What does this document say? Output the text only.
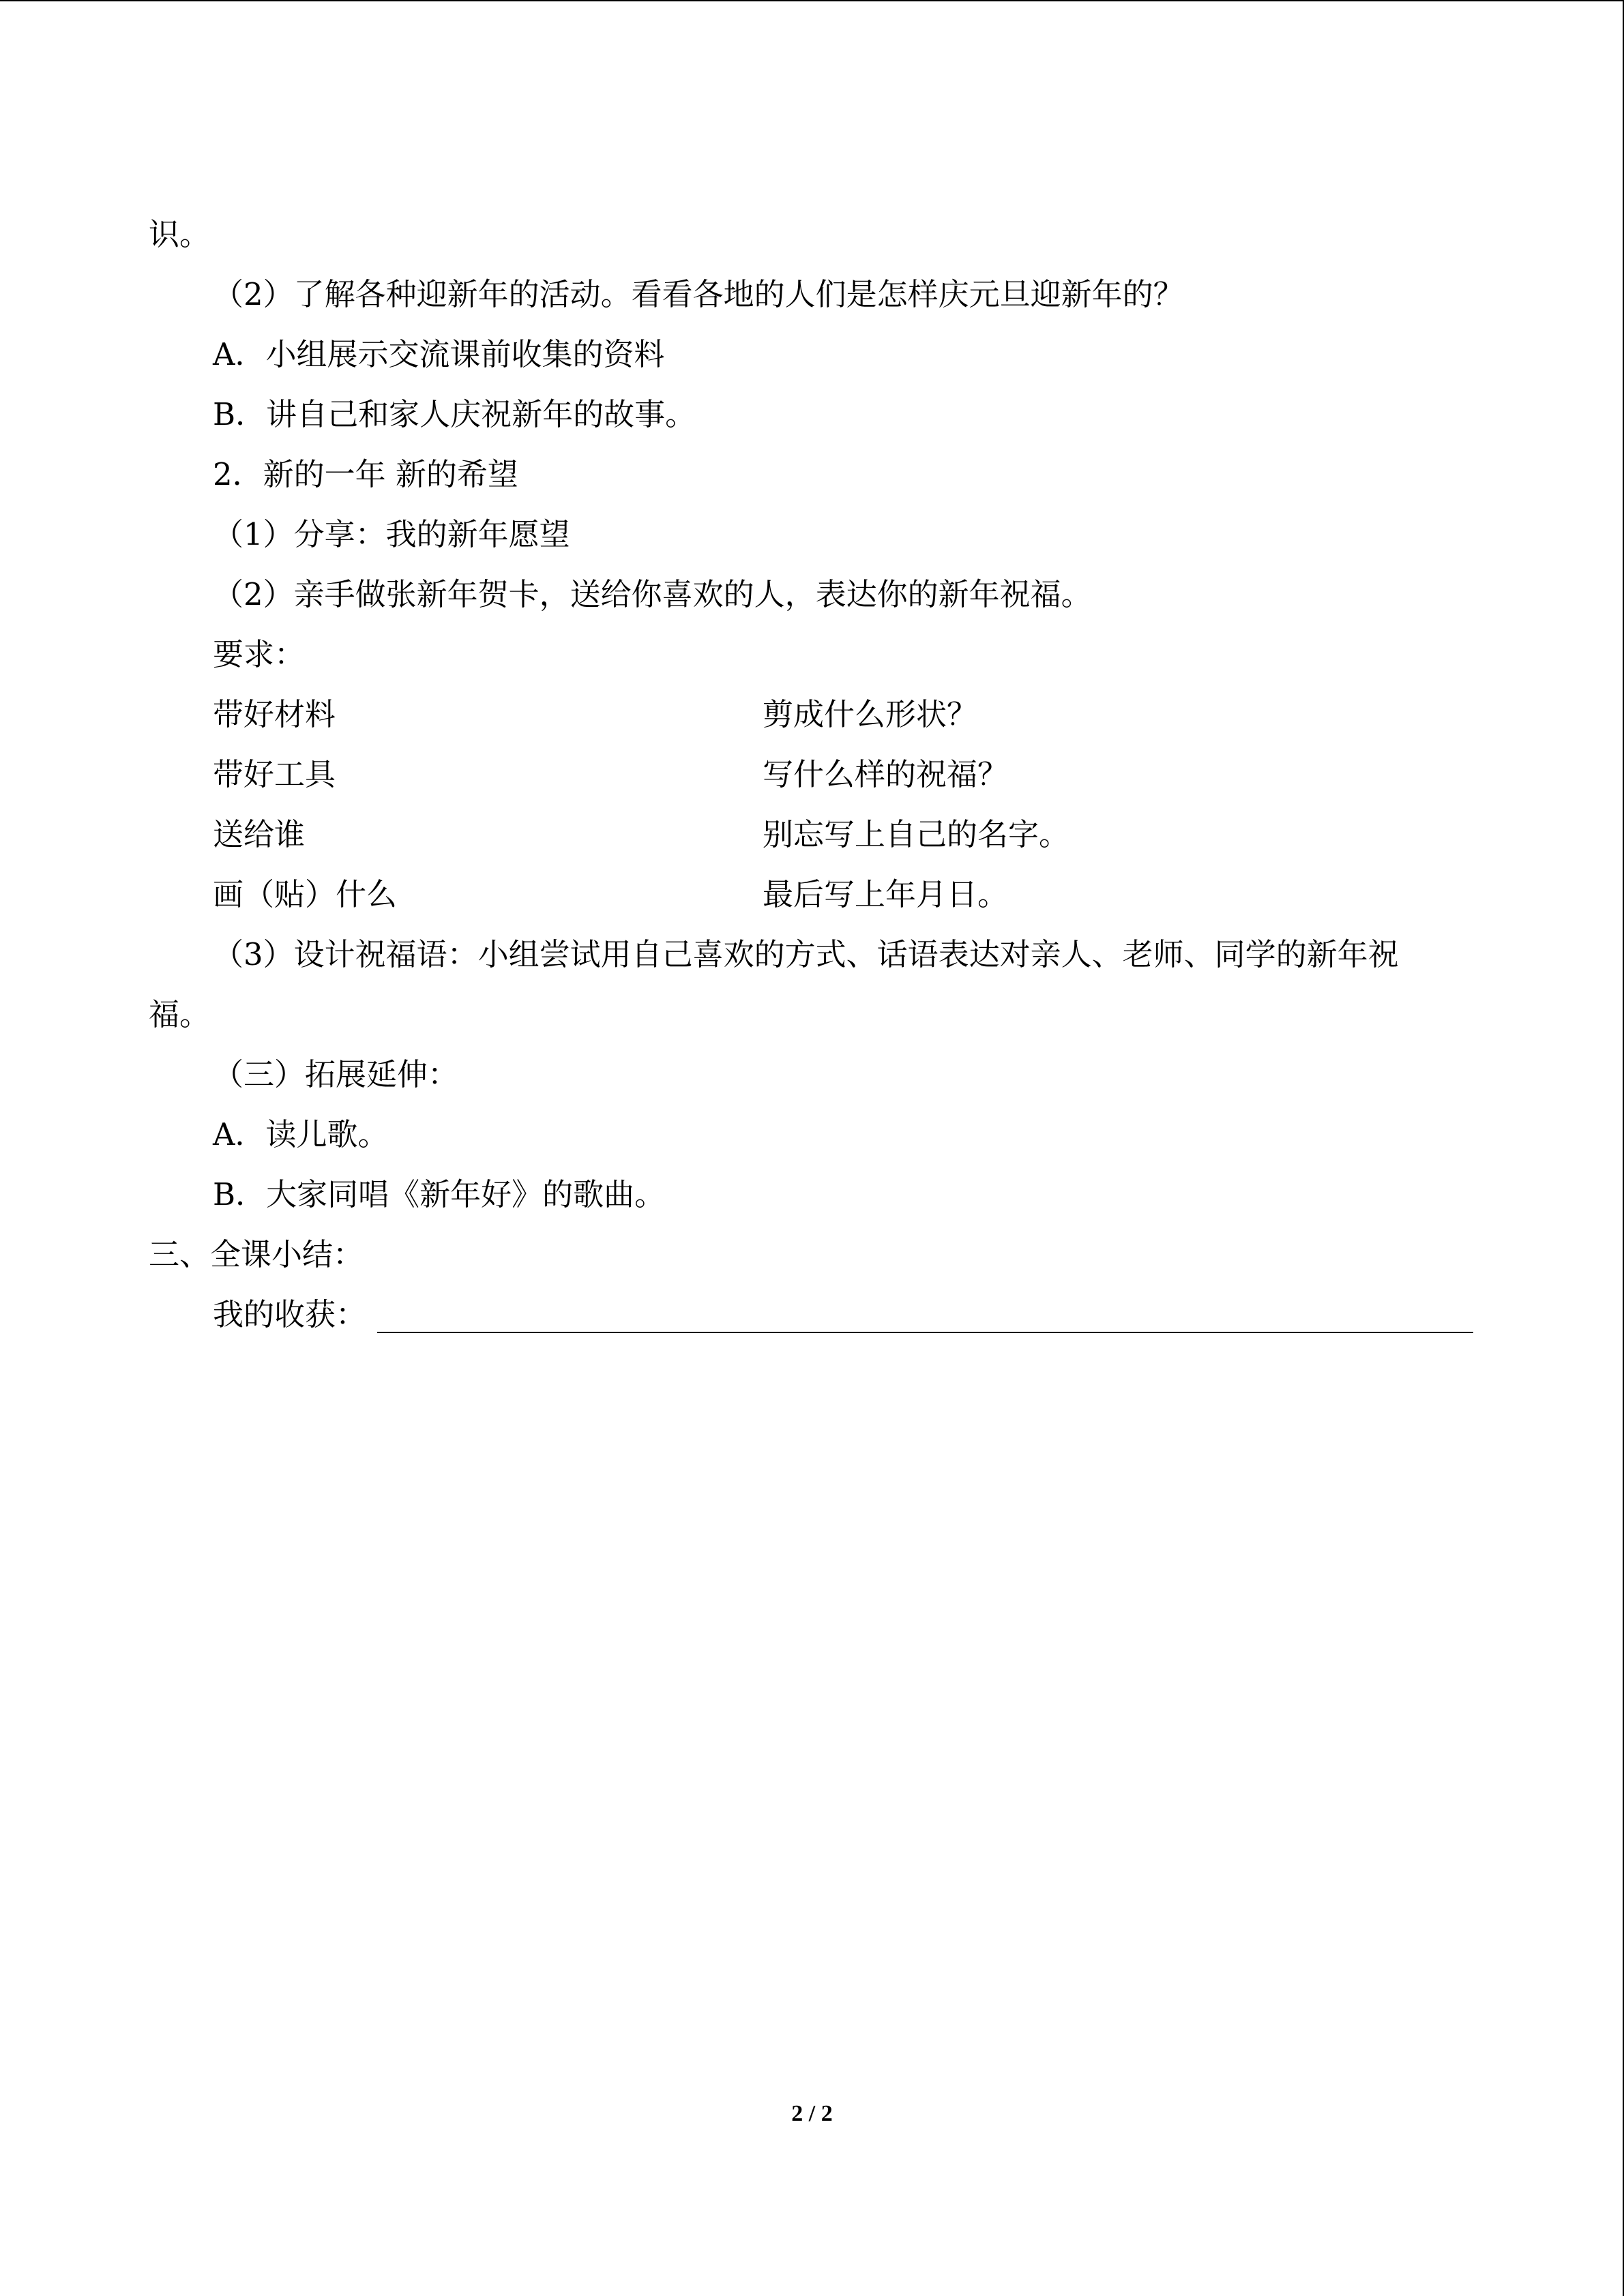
识。
（2）了解各种迎新年的活动。看看各地的人们是怎样庆元旦迎新年的？
A．小组展示交流课前收集的资料
B．讲自己和家人庆祝新年的故事。
2．新的一年 新的希望
（1）分享：我的新年愿望
（2）亲手做张新年贺卡，送给你喜欢的人，表达你的新年祝福。
要求：
带好材料	剪成什么形状？
带好工具	写什么样的祝福？
送给谁	别忘写上自己的名字。
画（贴）什么	最后写上年月日。
（3）设计祝福语：小组尝试用自己喜欢的方式、话语表达对亲人、老师、同学的新年祝
福。
（三）拓展延伸：
A．读儿歌。
B．大家同唱《新年好》的歌曲。
三、全课小结：
我的收获：
2 / 2
